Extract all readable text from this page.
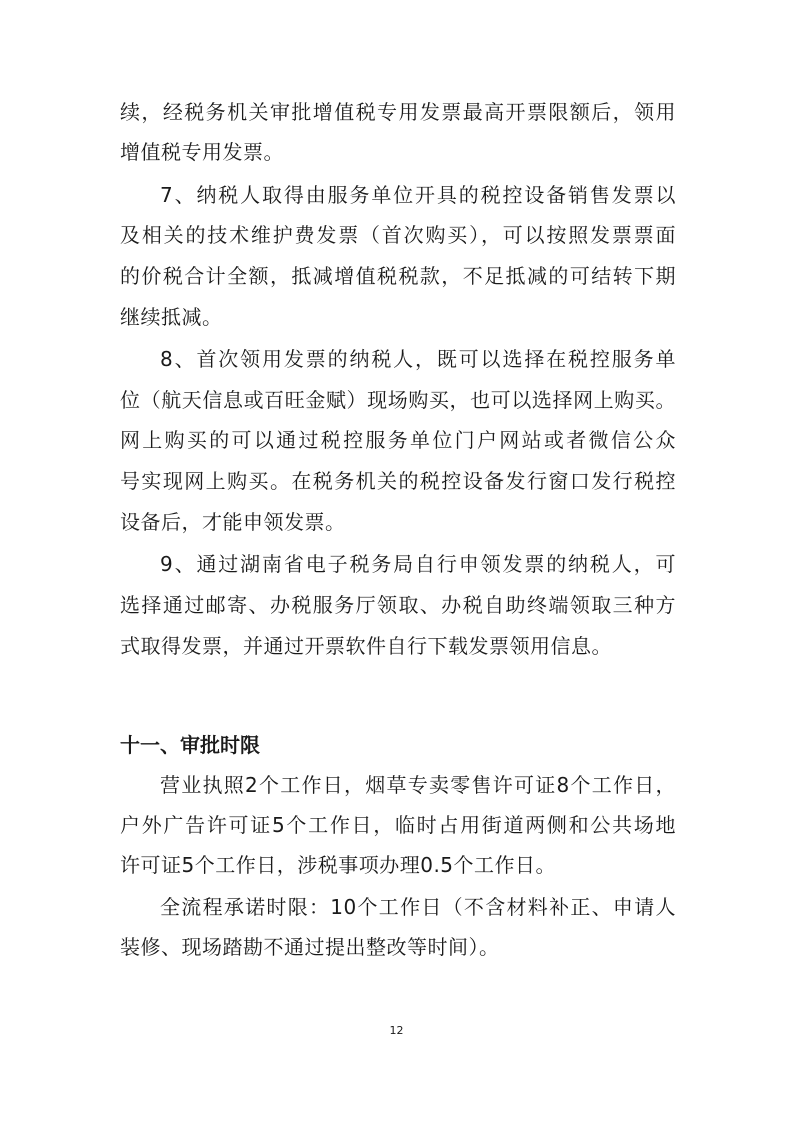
续，经税务机关审批增值税专用发票最高开票限额后，领用
增值税专用发票。
7、纳税人取得由服务单位开具的税控设备销售发票以
及相关的技术维护费发票（首次购买），可以按照发票票面
的价税合计全额，抵减增值税税款，不足抵减的可结转下期
继续抵减。
8、首次领用发票的纳税人，既可以选择在税控服务单
位（航天信息或百旺金赋）现场购买，也可以选择网上购买。
网上购买的可以通过税控服务单位门户网站或者微信公众
号实现网上购买。在税务机关的税控设备发行窗口发行税控
设备后，才能申领发票。
9、通过湖南省电子税务局自行申领发票的纳税人，可
选择通过邮寄、办税服务厅领取、办税自助终端领取三种方
式取得发票，并通过开票软件自行下载发票领用信息。
十一、审批时限
营业执照2个工作日，烟草专卖零售许可证8个工作日，
户外广告许可证5个工作日，临时占用街道两侧和公共场地
许可证5个工作日，涉税事项办理0.5个工作日。
全流程承诺时限：10个工作日（不含材料补正、申请人
装修、现场踏勘不通过提出整改等时间）。
12
